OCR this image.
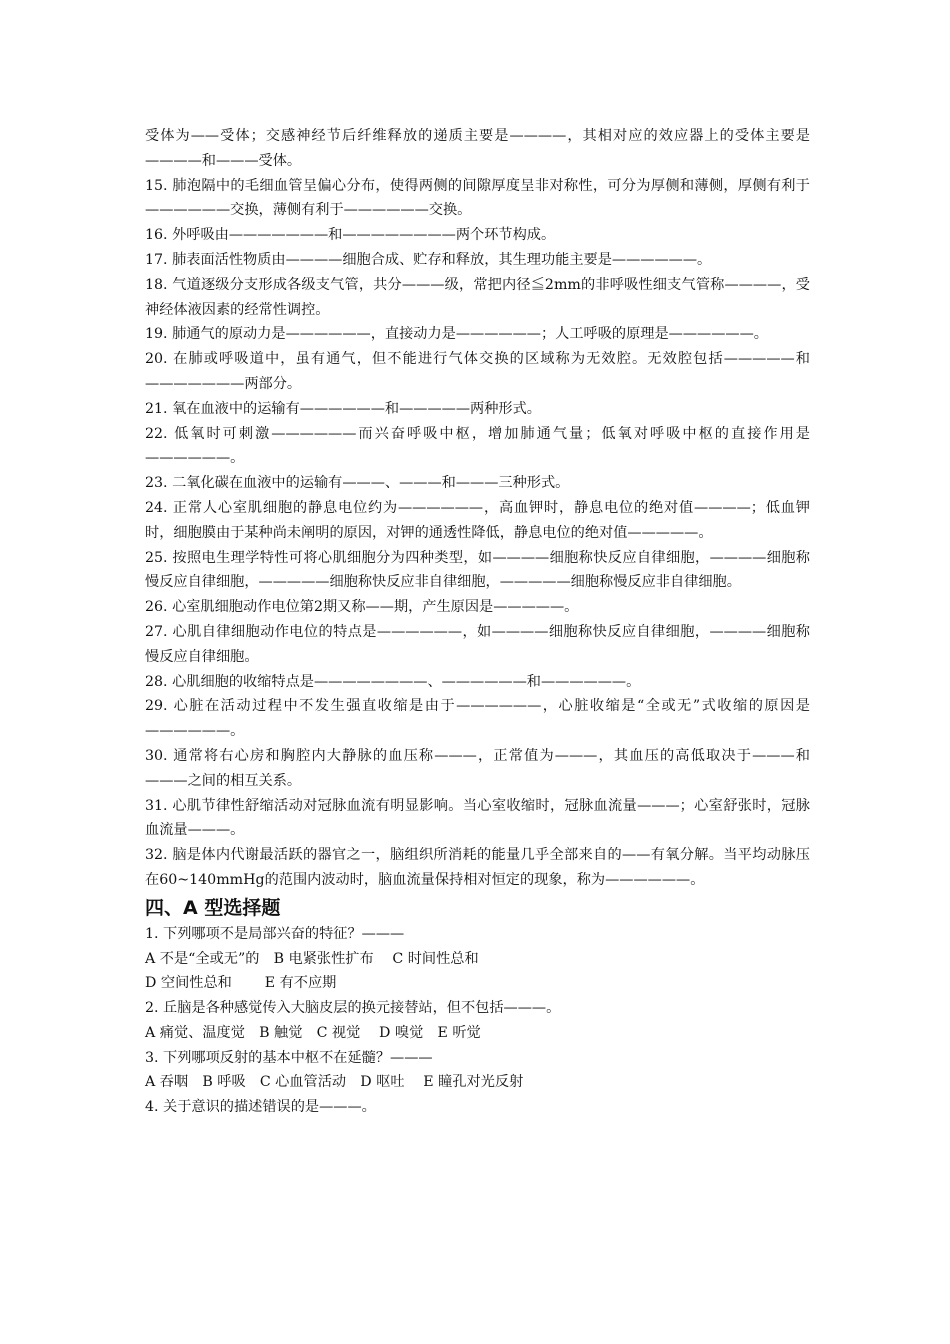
受体为——受体；交感神经节后纤维释放的递质主要是————，其相对应的效应器上的受体主要是————和———受体。

15. 肺泡隔中的毛细血管呈偏心分布，使得两侧的间隙厚度呈非对称性，可分为厚侧和薄侧，厚侧有利于——————交换，薄侧有利于——————交换。

16. 外呼吸由———————和————————两个环节构成。

17. 肺表面活性物质由————细胞合成、贮存和释放，其生理功能主要是——————。

18. 气道逐级分支形成各级支气管，共分———级，常把内径≦2mm的非呼吸性细支气管称————，受神经体液因素的经常性调控。

19. 肺通气的原动力是——————，直接动力是——————；人工呼吸的原理是——————。

20. 在肺或呼吸道中，虽有通气，但不能进行气体交换的区域称为无效腔。无效腔包括—————和———————两部分。

21. 氧在血液中的运输有——————和—————两种形式。

22. 低氧时可刺激——————而兴奋呼吸中枢，增加肺通气量；低氧对呼吸中枢的直接作用是——————。

23. 二氧化碳在血液中的运输有———、———和———三种形式。

24. 正常人心室肌细胞的静息电位约为——————，高血钾时，静息电位的绝对值————；低血钾时，细胞膜由于某种尚未阐明的原因，对钾的通透性降低，静息电位的绝对值—————。

25. 按照电生理学特性可将心肌细胞分为四种类型，如————细胞称快反应自律细胞，————细胞称慢反应自律细胞，—————细胞称快反应非自律细胞，—————细胞称慢反应非自律细胞。

26. 心室肌细胞动作电位第2期又称——期，产生原因是—————。

27. 心肌自律细胞动作电位的特点是——————，如————细胞称快反应自律细胞，————细胞称慢反应自律细胞。

28. 心肌细胞的收缩特点是————————、——————和——————。

29. 心脏在活动过程中不发生强直收缩是由于——————，心脏收缩是“全或无”式收缩的原因是——————。

30. 通常将右心房和胸腔内大静脉的血压称———，正常值为———，其血压的高低取决于———和———之间的相互关系。

31. 心肌节律性舒缩活动对冠脉血流有明显影响。当心室收缩时，冠脉血流量———；心室舒张时，冠脉血流量———。

32. 脑是体内代谢最活跃的器官之一，脑组织所消耗的能量几乎全部来自的——有氧分解。当平均动脉压在60~140mmHg的范围内波动时，脑血流量保持相对恒定的现象，称为——————。

四、A 型选择题

1. 下列哪项不是局部兴奋的特征？———

A 不是“全或无”的　B 电紧张性扩布　 C 时间性总和

D 空间性总和　　 E 有不应期

2. 丘脑是各种感觉传入大脑皮层的换元接替站，但不包括———。

A 痛觉、温度觉　B 触觉　C 视觉　 D 嗅觉　E 听觉

3. 下列哪项反射的基本中枢不在延髓？———

A 吞咽　B 呼吸　C 心血管活动　D 呕吐　 E 瞳孔对光反射

4. 关于意识的描述错误的是———。
